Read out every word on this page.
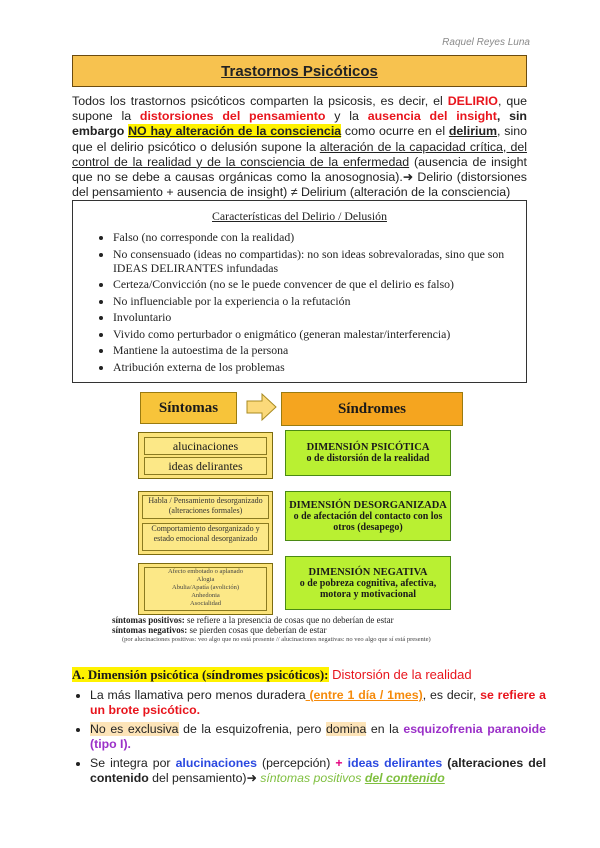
Raquel Reyes Luna
Trastornos Psicóticos
Todos los trastornos psicóticos comparten la psicosis, es decir, el DELIRIO, que supone la distorsiones del pensamiento y la ausencia del insight, sin embargo NO hay alteración de la consciencia como ocurre en el delirium, sino que el delirio psicótico o delusión supone la alteración de la capacidad crítica, del control de la realidad y de la consciencia de la enfermedad (ausencia de insight que no se debe a causas orgánicas como la anosognosia).➜ Delirio (distorsiones del pensamiento + ausencia de insight) ≠ Delirium (alteración de la consciencia)
Características del Delirio / Delusión
• Falso (no corresponde con la realidad)
• No consensuado (ideas no compartidas): no son ideas sobrevaloradas, sino que son IDEAS DELIRANTES infundadas
• Certeza/Convicción (no se le puede convencer de que el delirio es falso)
• No influenciable por la experiencia o la refutación
• Involuntario
• Vivido como perturbador o enigmático (generan malestar/interferencia)
• Mantiene la autoestima de la persona
• Atribución externa de los problemas
Síntomas	Síndromes
alucinaciones
ideas delirantes
Habla / Pensamiento desorganizado (alteraciones formales)
Comportamiento desorganizado y estado emocional desorganizado
Afecto embotado o aplanado
Alogia
Abulia/Apatía (avolición)
Anhedonia
Asocialidad
DIMENSIÓN PSICÓTICA
o de distorsión de la realidad
DIMENSIÓN DESORGANIZADA
o de afectación del contacto con los otros (desapego)
DIMENSIÓN NEGATIVA
o de pobreza cognitiva, afectiva, motora y motivacional
síntomas positivos: se refiere a la presencia de cosas que no deberían de estar
síntomas negativos: se pierden cosas que deberían de estar
(por alucinaciones positivas: veo algo que no está presente // alucinaciones negativas: no veo algo que sí está presente)
A. Dimensión psicótica (síndromes psicóticos): Distorsión de la realidad
• La más llamativa pero menos duradera (entre 1 día / 1mes), es decir, se refiere a un brote psicótico.
• No es exclusiva de la esquizofrenia, pero domina en la esquizofrenia paranoide (tipo I).
• Se integra por alucinaciones (percepción) + ideas delirantes (alteraciones del contenido del pensamiento)➜ síntomas positivos del contenido
